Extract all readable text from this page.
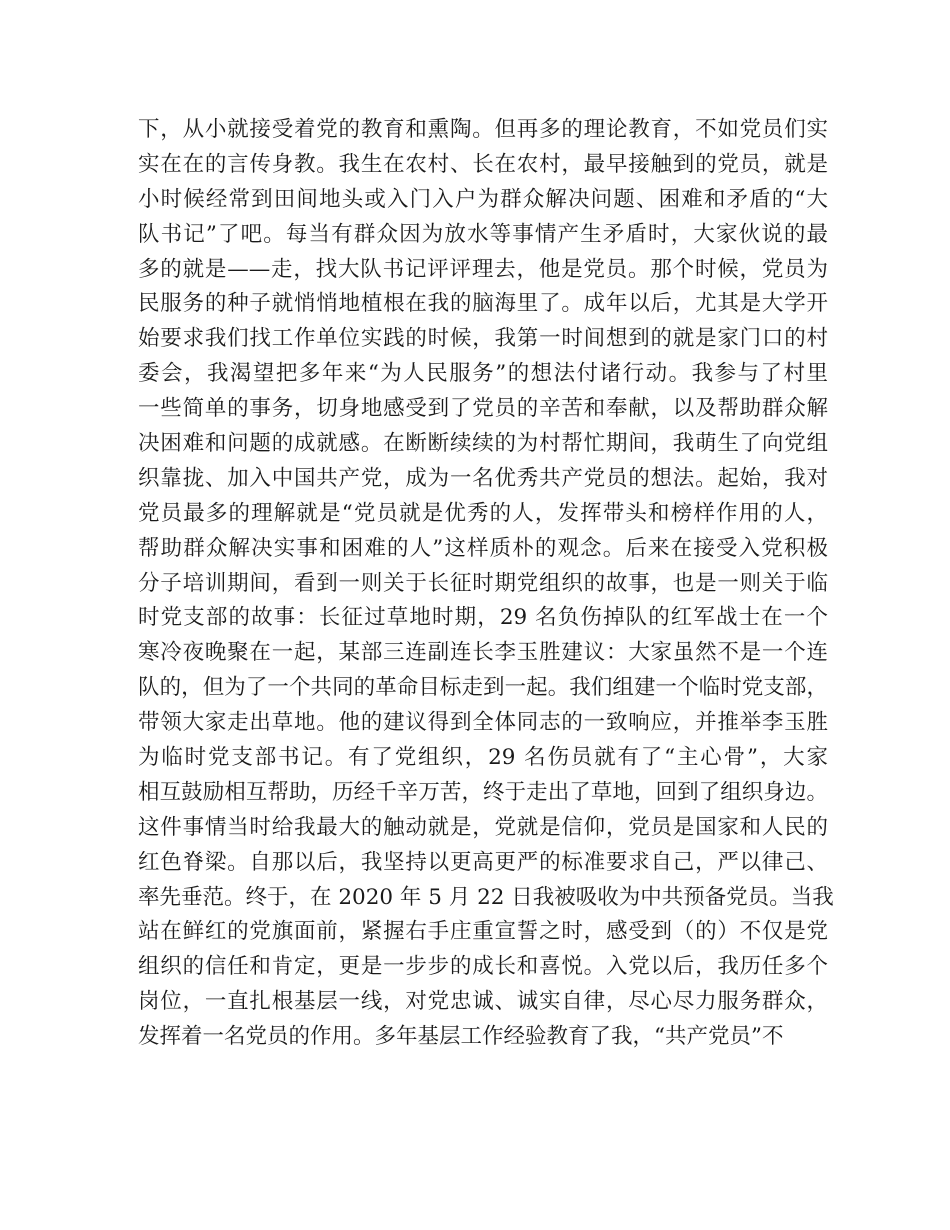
下，从小就接受着党的教育和熏陶。但再多的理论教育，不如党员们实
实在在的言传身教。我生在农村、长在农村，最早接触到的党员，就是
小时候经常到田间地头或入门入户为群众解决问题、困难和矛盾的“大
队书记”了吧。每当有群众因为放水等事情产生矛盾时，大家伙说的最
多的就是——走，找大队书记评评理去，他是党员。那个时候，党员为
民服务的种子就悄悄地植根在我的脑海里了。成年以后，尤其是大学开
始要求我们找工作单位实践的时候，我第一时间想到的就是家门口的村
委会，我渴望把多年来“为人民服务”的想法付诸行动。我参与了村里
一些简单的事务，切身地感受到了党员的辛苦和奉献，以及帮助群众解
决困难和问题的成就感。在断断续续的为村帮忙期间，我萌生了向党组
织靠拢、加入中国共产党，成为一名优秀共产党员的想法。起始，我对
党员最多的理解就是“党员就是优秀的人，发挥带头和榜样作用的人，
帮助群众解决实事和困难的人”这样质朴的观念。后来在接受入党积极
分子培训期间，看到一则关于长征时期党组织的故事，也是一则关于临
时党支部的故事：长征过草地时期，29 名负伤掉队的红军战士在一个
寒冷夜晚聚在一起，某部三连副连长李玉胜建议：大家虽然不是一个连
队的，但为了一个共同的革命目标走到一起。我们组建一个临时党支部，
带领大家走出草地。他的建议得到全体同志的一致响应，并推举李玉胜
为临时党支部书记。有了党组织，29 名伤员就有了“主心骨”，大家
相互鼓励相互帮助，历经千辛万苦，终于走出了草地，回到了组织身边。
这件事情当时给我最大的触动就是，党就是信仰，党员是国家和人民的
红色脊梁。自那以后，我坚持以更高更严的标准要求自己，严以律己、
率先垂范。终于，在 2020 年 5 月 22 日我被吸收为中共预备党员。当我
站在鲜红的党旗面前，紧握右手庄重宣誓之时，感受到（的）不仅是党
组织的信任和肯定，更是一步步的成长和喜悦。入党以后，我历任多个
岗位，一直扎根基层一线，对党忠诚、诚实自律，尽心尽力服务群众，
发挥着一名党员的作用。多年基层工作经验教育了我，“共产党员”不
